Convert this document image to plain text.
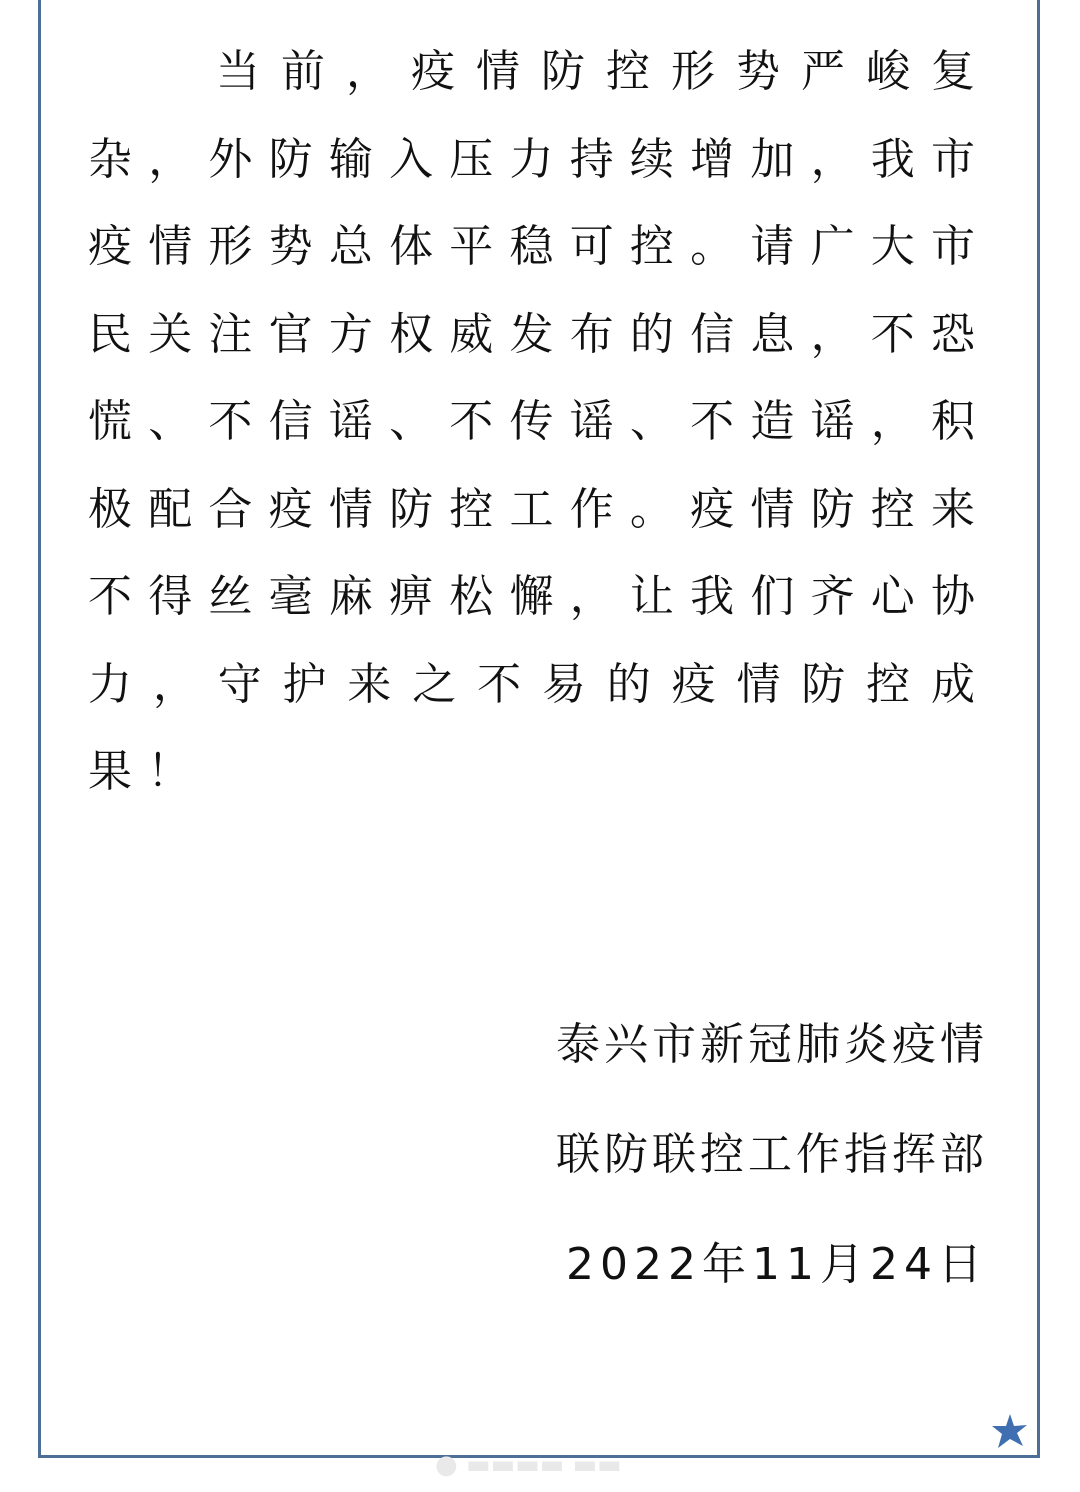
当前，疫情防控形势严峻复
杂，外防输入压力持续增加，我市
疫情形势总体平稳可控。请广大市
民关注官方权威发布的信息，不恐
慌、不信谣、不传谣、不造谣，积
极配合疫情防控工作。疫情防控来
不得丝毫麻痹松懈，让我们齐心协
力，守护来之不易的疫情防控成
果！
泰兴市新冠肺炎疫情
联防联控工作指挥部
2022年11月24日
● ▬▬▬▬ ▬▬
